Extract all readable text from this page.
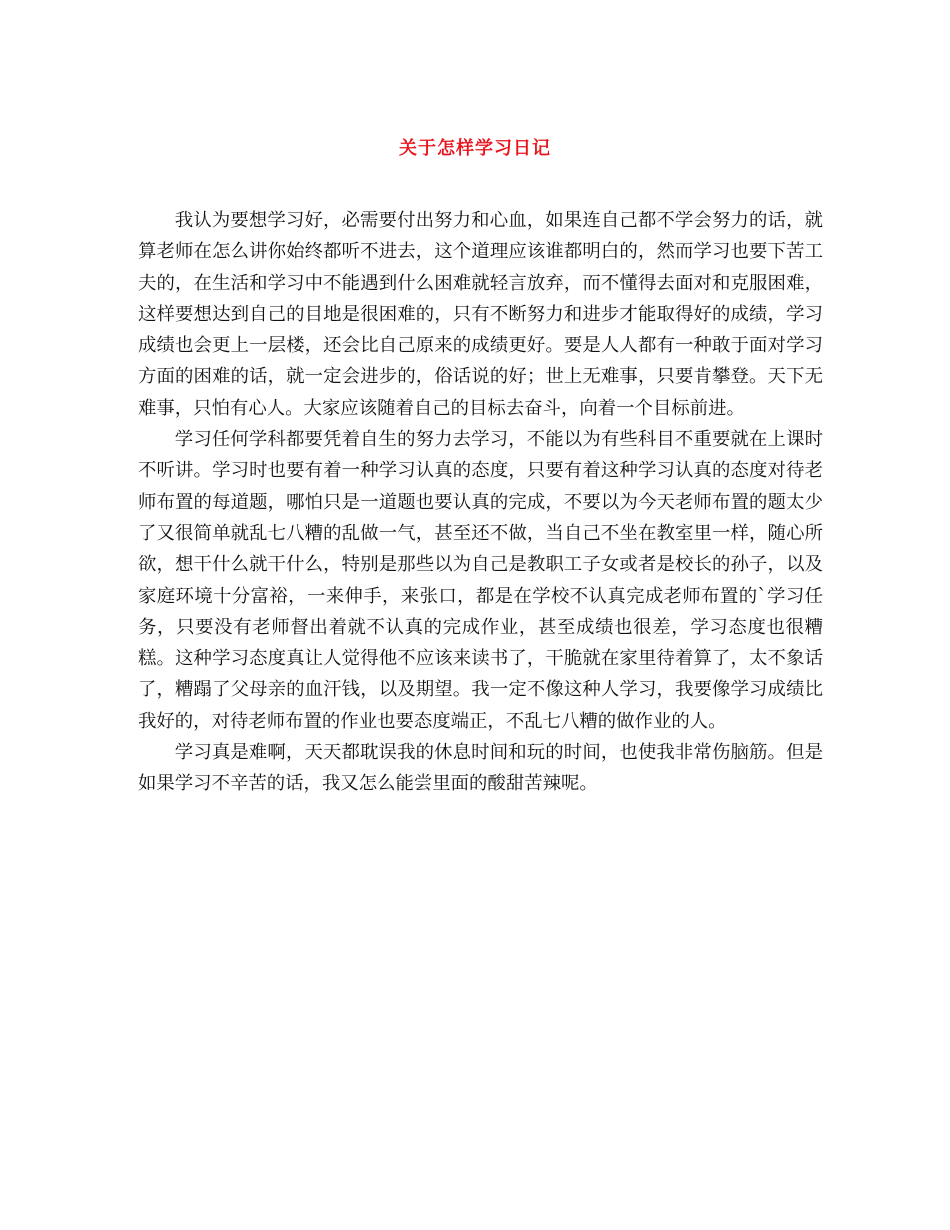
关于怎样学习日记

我认为要想学习好，必需要付出努力和心血，如果连自己都不学会努力的话，就算老师在怎么讲你始终都听不进去，这个道理应该谁都明白的，然而学习也要下苦工夫的，在生活和学习中不能遇到什么困难就轻言放弃，而不懂得去面对和克服困难，这样要想达到自己的目地是很困难的，只有不断努力和进步才能取得好的成绩，学习成绩也会更上一层楼，还会比自己原来的成绩更好。要是人人都有一种敢于面对学习方面的困难的话，就一定会进步的，俗话说的好；世上无难事，只要肯攀登。天下无难事，只怕有心人。大家应该随着自己的目标去奋斗，向着一个目标前进。

学习任何学科都要凭着自生的努力去学习，不能以为有些科目不重要就在上课时不听讲。学习时也要有着一种学习认真的态度，只要有着这种学习认真的态度对待老师布置的每道题，哪怕只是一道题也要认真的完成，不要以为今天老师布置的题太少了又很简单就乱七八糟的乱做一气，甚至还不做，当自己不坐在教室里一样，随心所欲，想干什么就干什么，特别是那些以为自己是教职工子女或者是校长的孙子，以及家庭环境十分富裕，一来伸手，来张口，都是在学校不认真完成老师布置的`学习任务，只要没有老师督出着就不认真的完成作业，甚至成绩也很差，学习态度也很糟糕。这种学习态度真让人觉得他不应该来读书了，干脆就在家里待着算了，太不象话了，糟蹋了父母亲的血汗钱，以及期望。我一定不像这种人学习，我要像学习成绩比我好的，对待老师布置的作业也要态度端正，不乱七八糟的做作业的人。

学习真是难啊，天天都耽误我的休息时间和玩的时间，也使我非常伤脑筋。但是如果学习不辛苦的话，我又怎么能尝里面的酸甜苦辣呢。
